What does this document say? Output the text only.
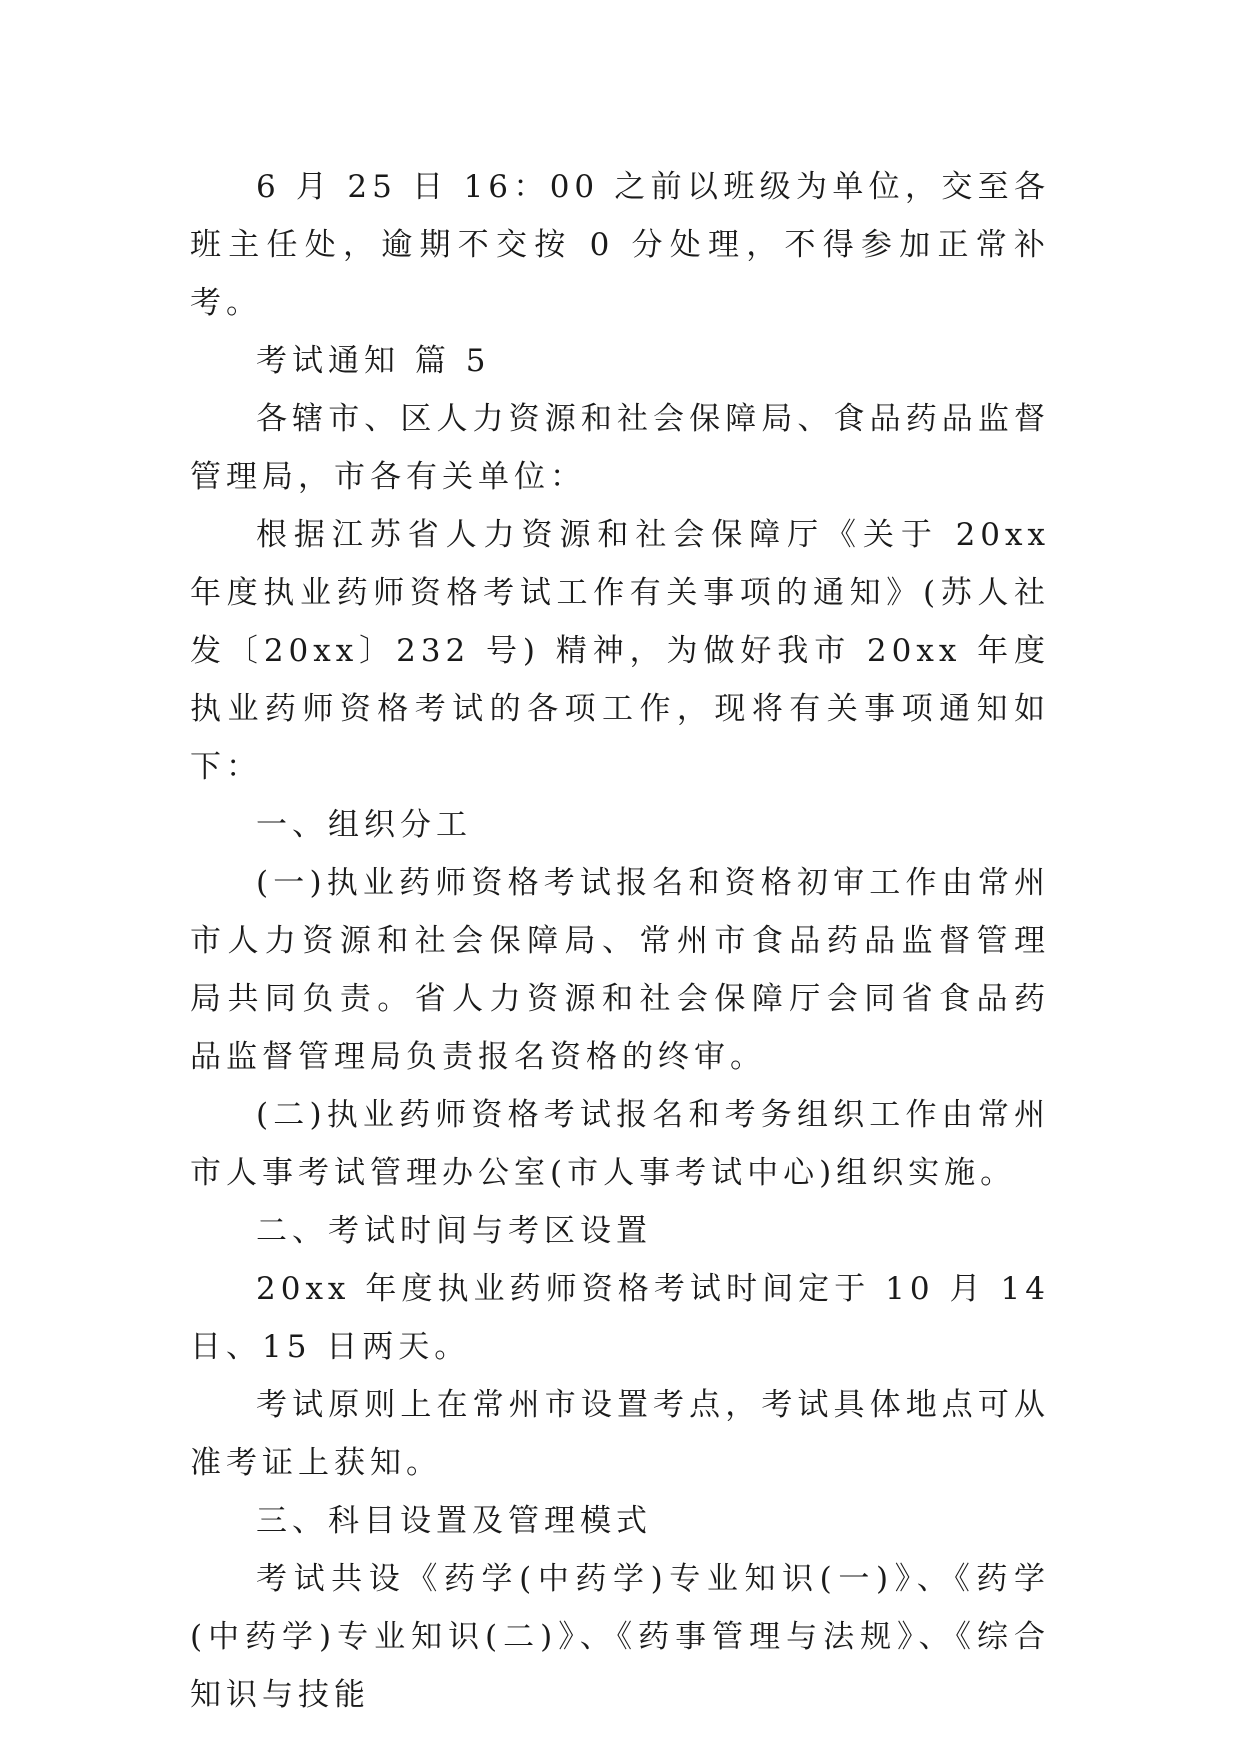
6 月 25 日 16：00 之前以班级为单位，交至各班主任处，逾期不交按 0 分处理，不得参加正常补考。

考试通知 篇 5

各辖市、区人力资源和社会保障局、食品药品监督管理局，市各有关单位：

根据江苏省人力资源和社会保障厅《关于 20xx 年度执业药师资格考试工作有关事项的通知》(苏人社发〔20xx〕232 号) 精神，为做好我市 20xx 年度执业药师资格考试的各项工作，现将有关事项通知如下：

一、组织分工

(一)执业药师资格考试报名和资格初审工作由常州市人力资源和社会保障局、常州市食品药品监督管理局共同负责。省人力资源和社会保障厅会同省食品药品监督管理局负责报名资格的终审。

(二)执业药师资格考试报名和考务组织工作由常州市人事考试管理办公室(市人事考试中心)组织实施。

二、考试时间与考区设置

20xx 年度执业药师资格考试时间定于 10 月 14 日、15 日两天。

考试原则上在常州市设置考点，考试具体地点可从准考证上获知。

三、科目设置及管理模式

考试共设《药学(中药学)专业知识(一)》、《药学(中药学)专业知识(二)》、《药事管理与法规》、《综合知识与技能
